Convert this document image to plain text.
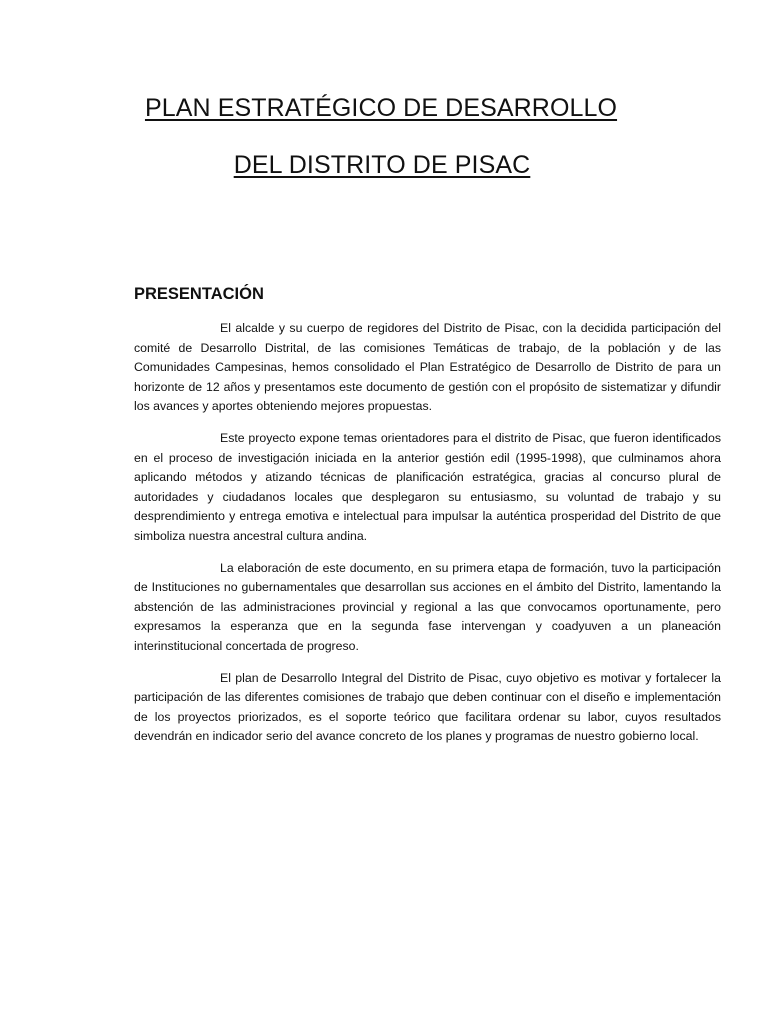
PLAN ESTRATÉGICO DE DESARROLLO
DEL DISTRITO DE PISAC
PRESENTACIÓN

El alcalde y su cuerpo de regidores del Distrito de Pisac, con la decidida participación del comité de Desarrollo Distrital, de las comisiones Temáticas de trabajo, de la población y de las Comunidades Campesinas, hemos consolidado el Plan Estratégico de Desarrollo de Distrito de para un horizonte de 12 años y presentamos este documento de gestión con el propósito de sistematizar y difundir los avances y aportes obteniendo mejores propuestas.

Este proyecto expone temas orientadores para el distrito de Pisac, que fueron identificados en el proceso de investigación iniciada en la anterior gestión edil (1995-1998), que culminamos ahora aplicando métodos y atizando técnicas de planificación estratégica, gracias al concurso plural de autoridades y ciudadanos locales que desplegaron su entusiasmo, su voluntad de trabajo y su desprendimiento y entrega emotiva e intelectual para impulsar la auténtica prosperidad del Distrito de que simboliza nuestra ancestral cultura andina.

La elaboración de este documento, en su primera etapa de formación, tuvo la participación de Instituciones no gubernamentales que desarrollan sus acciones en el ámbito del Distrito, lamentando la abstención de las administraciones provincial y regional a las que convocamos oportunamente, pero expresamos la esperanza que en la segunda fase intervengan y coadyuven a un planeación interinstitucional concertada de progreso.

El plan de Desarrollo Integral del Distrito de Pisac, cuyo objetivo es motivar y fortalecer la participación de las diferentes comisiones de trabajo que deben continuar con el diseño e implementación de los proyectos priorizados, es el soporte teórico que facilitara ordenar su labor, cuyos resultados devendrán en indicador serio del avance concreto de los planes y programas de nuestro gobierno local.
